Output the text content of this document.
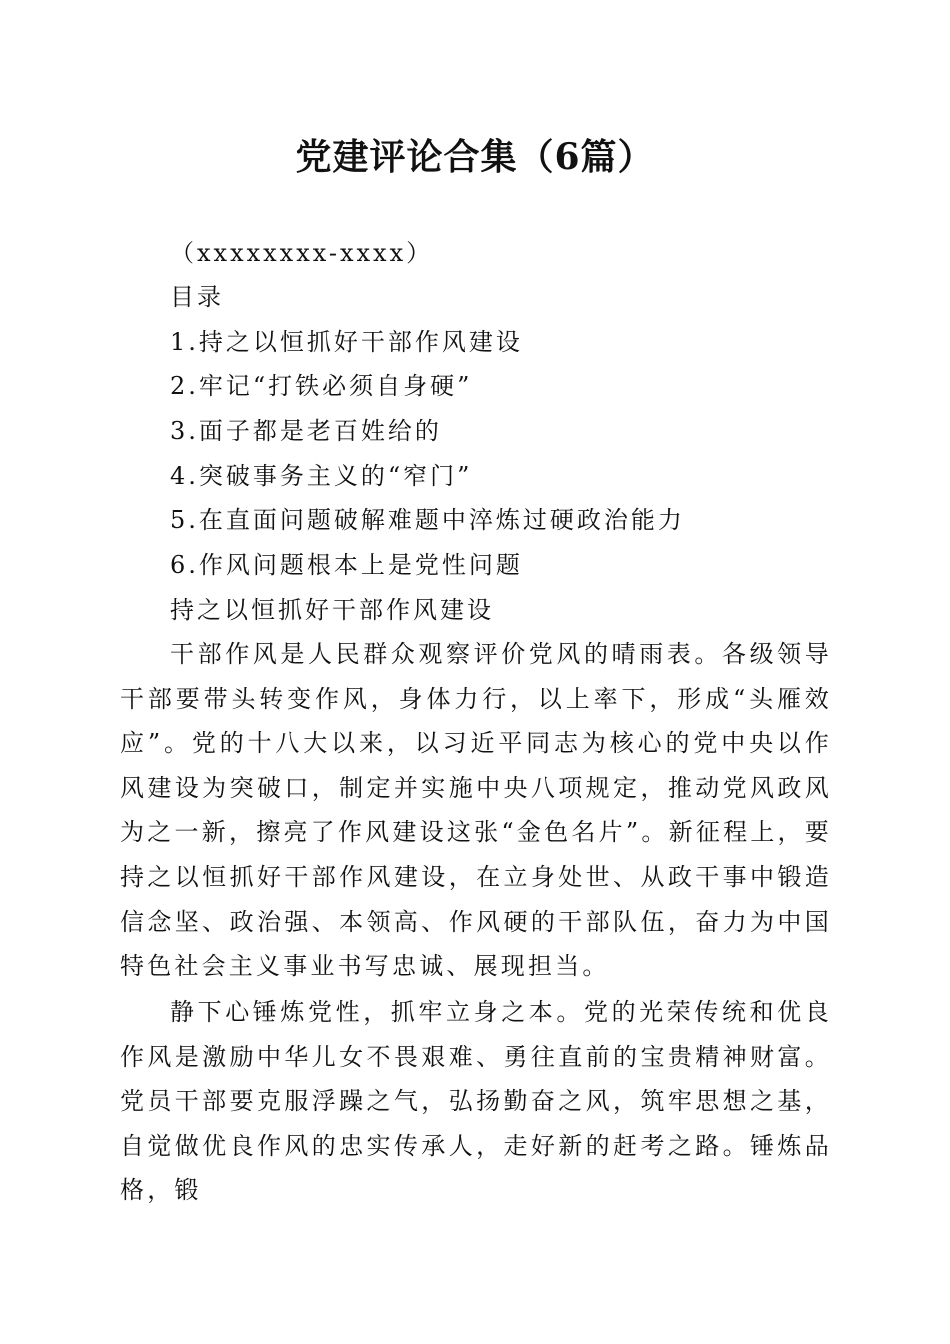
党建评论合集（6篇）
（xxxxxxxx-xxxx）
目录
1.持之以恒抓好干部作风建设
2.牢记“打铁必须自身硬”
3.面子都是老百姓给的
4.突破事务主义的“窄门”
5.在直面问题破解难题中淬炼过硬政治能力
6.作风问题根本上是党性问题
持之以恒抓好干部作风建设
干部作风是人民群众观察评价党风的晴雨表。各级领导干部要带头转变作风，身体力行，以上率下，形成“头雁效应”。党的十八大以来，以习近平同志为核心的党中央以作风建设为突破口，制定并实施中央八项规定，推动党风政风为之一新，擦亮了作风建设这张“金色名片”。新征程上，要持之以恒抓好干部作风建设，在立身处世、从政干事中锻造信念坚、政治强、本领高、作风硬的干部队伍，奋力为中国特色社会主义事业书写忠诚、展现担当。
静下心锤炼党性，抓牢立身之本。党的光荣传统和优良作风是激励中华儿女不畏艰难、勇往直前的宝贵精神财富。党员干部要克服浮躁之气，弘扬勤奋之风，筑牢思想之基，自觉做优良作风的忠实传承人，走好新的赶考之路。锤炼品格，锻
